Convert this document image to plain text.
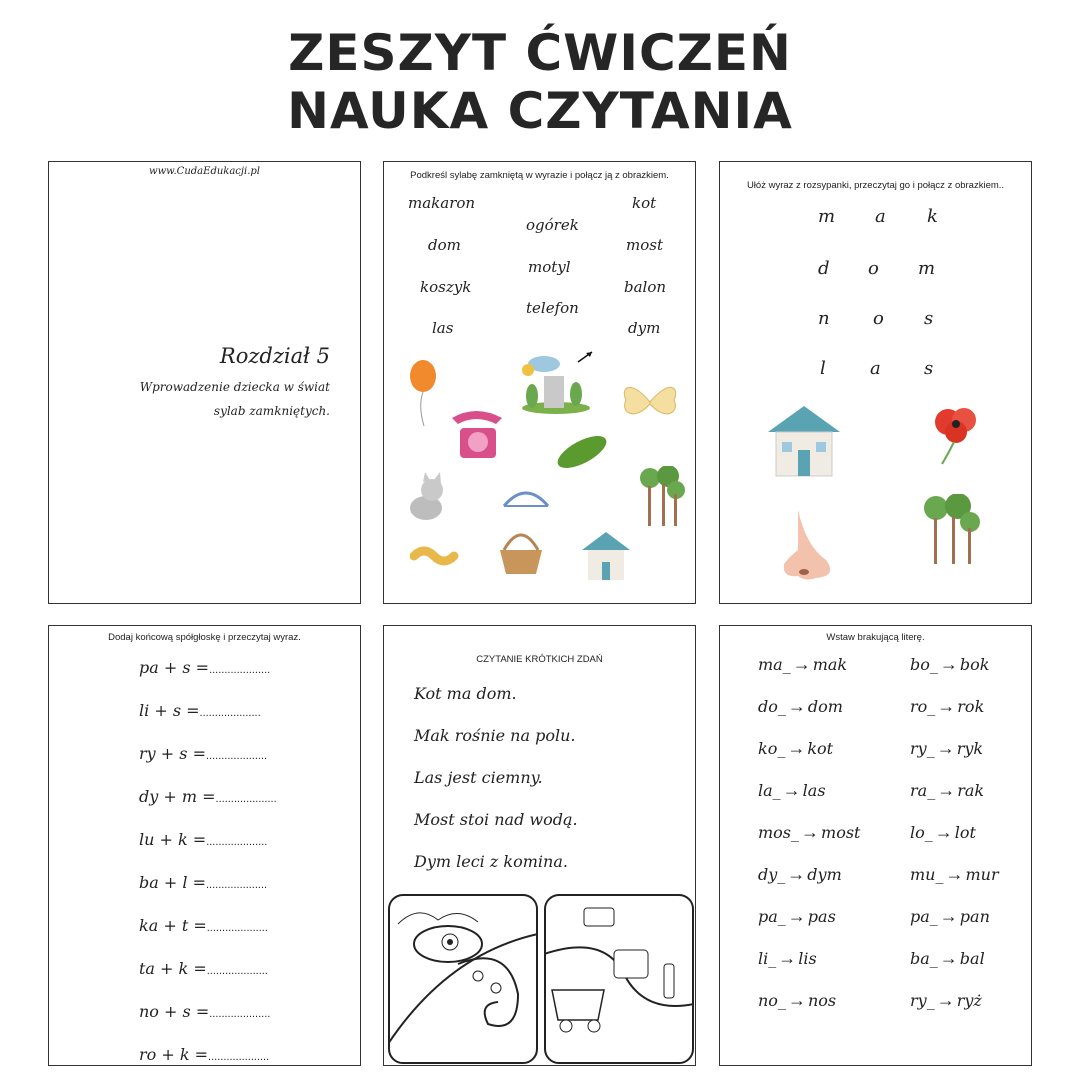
ZESZYT ĆWICZEŃ
NAUKA CZYTANIA
www.CudaEdukacji.pl
Rozdział 5
Wprowadzenie dziecka w świat
sylab zamkniętych.
Podkreśl sylabę zamkniętą w wyrazie i połącz ją z obrazkiem.
makaron
dom
koszyk
las
ogórek
motyl
telefon
kot
most
balon
dym
Ułóż wyraz z rozsypanki, przeczytaj go i połącz z obrazkiem..
m a k
d o m
n o s
l a s
Dodaj końcową spółgłoskę i przeczytaj wyraz.
pa + s =....................
li + s =....................
ry + s =....................
dy + m =....................
lu + k =....................
ba + l =....................
ka + t =....................
ta + k =....................
no + s =....................
ro + k =....................
CZYTANIE KRÓTKICH ZDAŃ
Kot ma dom.
Mak rośnie na polu.
Las jest ciemny.
Most stoi nad wodą.
Dym leci z komina.
Wstaw brakującą literę.
ma_ → mak
do_ → dom
ko_ → kot
la_ → las
mos_ → most
dy_ → dym
pa_ → pas
li_ → lis
no_ → nos
bo_ → bok
ro_ → rok
ry_ → ryk
ra_ → rak
lo_ → lot
mu_ → mur
pa_ → pan
ba_ → bal
ry_ → ryż
